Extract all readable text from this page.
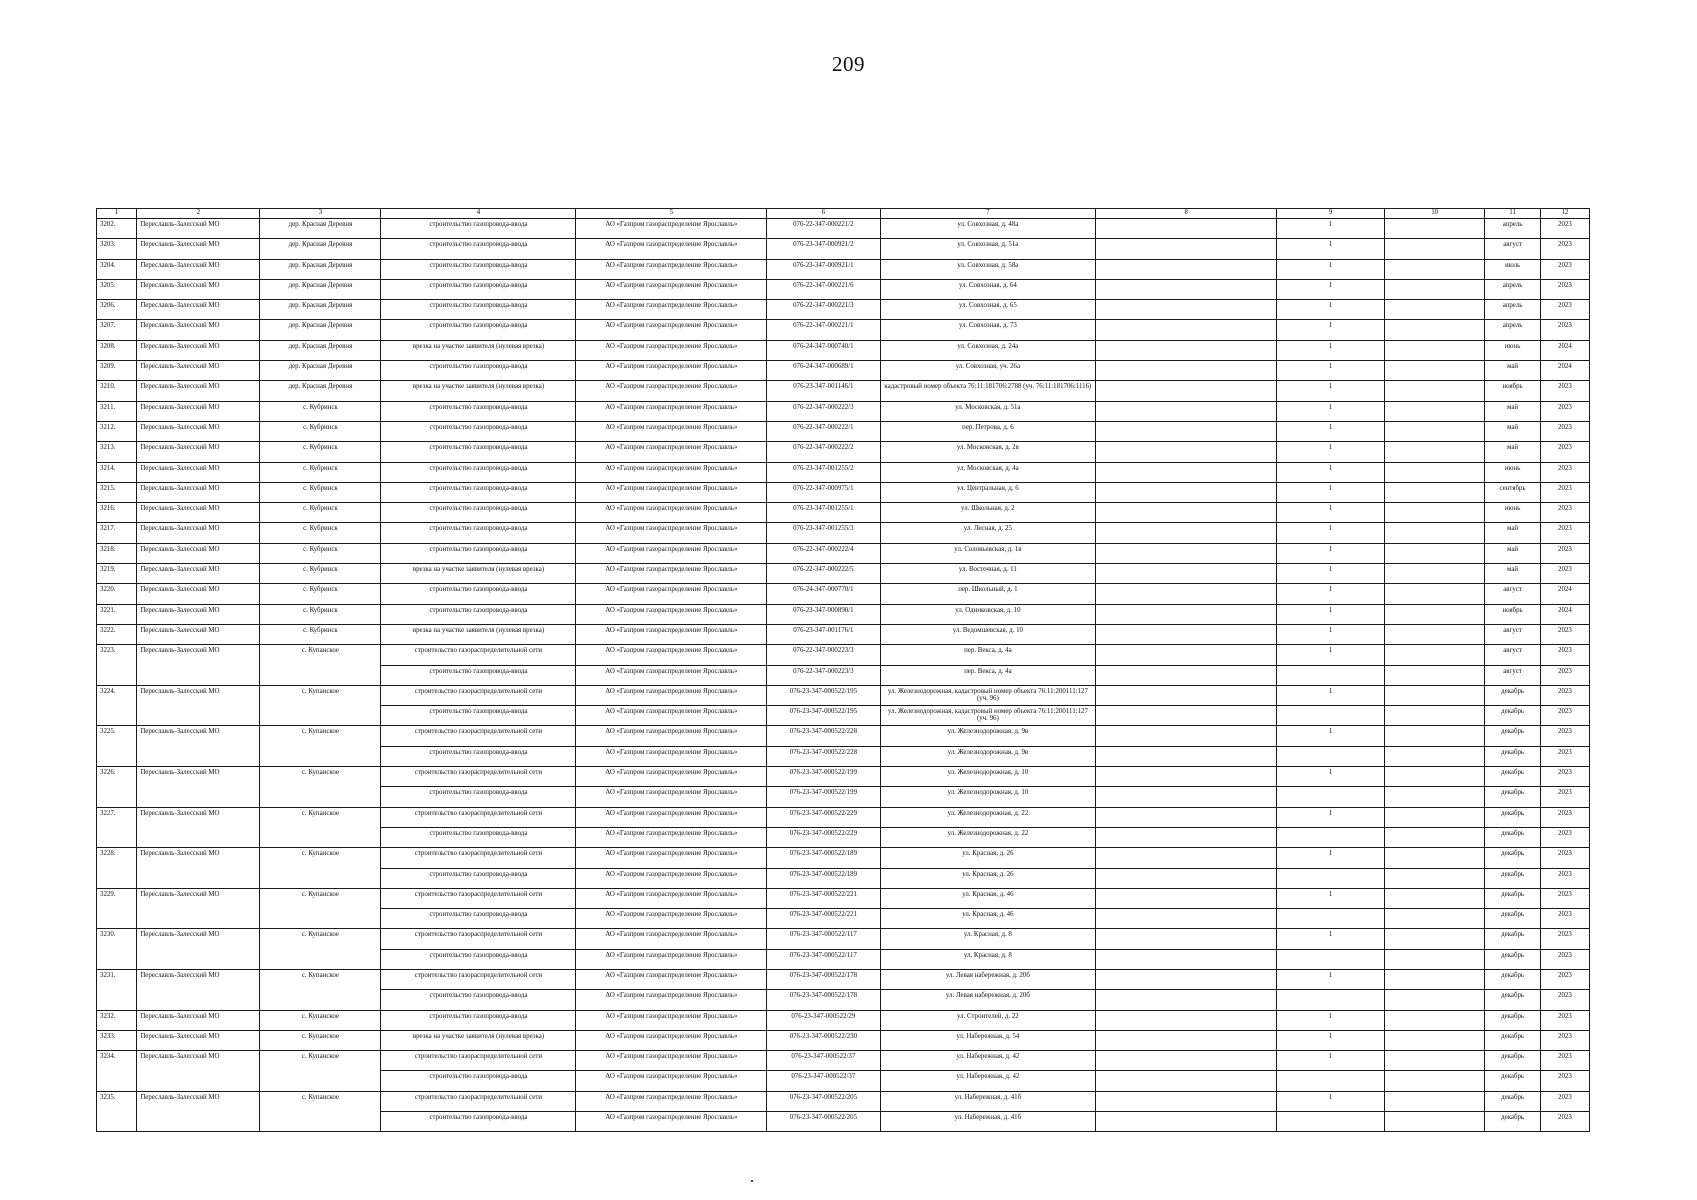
209
1	2	3	4	5	6	7	8	9	10	11	12
3202.	Переславль-Залесский МО	дер. Красная Деревня	строительство газопровода-ввода	АО «Газпром газораспределение Ярославль»	076-22-347-000221/2	ул. Совхозная, д. 48а		1		апрель	2023
3203.	Переславль-Залесский МО	дер. Красная Деревня	строительство газопровода-ввода	АО «Газпром газораспределение Ярославль»	076-23-347-000921/2	ул. Совхозная, д. 51а		1		август	2023
3204.	Переславль-Залесский МО	дер. Красная Деревня	строительство газопровода-ввода	АО «Газпром газораспределение Ярославль»	076-23-347-000921/1	ул. Совхозная, д. 58а		1		июль	2023
3205.	Переславль-Залесский МО	дер. Красная Деревня	строительство газопровода-ввода	АО «Газпром газораспределение Ярославль»	076-22-347-000221/6	ул. Совхозная, д. 64		1		апрель	2023
3206.	Переславль-Залесский МО	дер. Красная Деревня	строительство газопровода-ввода	АО «Газпром газораспределение Ярославль»	076-22-347-000221/3	ул. Совхозная, д. 65		1		апрель	2023
3207.	Переславль-Залесский МО	дер. Красная Деревня	строительство газопровода-ввода	АО «Газпром газораспределение Ярославль»	076-22-347-000221/1	ул. Совхозная, д. 73		1		апрель	2023
3208.	Переславль-Залесский МО	дер. Красная Деревня	врезка на участке заявителя (нулевая врезка)	АО «Газпром газораспределение Ярославль»	076-24-347-000740/1	ул. Совхозная, д. 24а		1		июнь	2024
3209.	Переславль-Залесский МО	дер. Красная Деревня	строительство газопровода-ввода	АО «Газпром газораспределение Ярославль»	076-24-347-000689/1	ул. Совхозная, уч. 26а		1		май	2024
3210.	Переславль-Залесский МО	дер. Красная Деревня	врезка на участке заявителя (нулевая врезка)	АО «Газпром газораспределение Ярославль»	076-23-347-001146/1	кадастровый номер объекта 76:11:181706:2788 (уч. 76:11:181706:1116)		1		ноябрь	2023
3211.	Переславль-Залесский МО	с. Кубринск	строительство газопровода-ввода	АО «Газпром газораспределение Ярославль»	076-22-347-000222/3	ул. Московская, д. 51а		1		май	2023
3212.	Переславль-Залесский МО	с. Кубринск	строительство газопровода-ввода	АО «Газпром газораспределение Ярославль»	076-22-347-000222/1	пер. Петрова, д. 6		1		май	2023
3213.	Переславль-Залесский МО	с. Кубринск	строительство газопровода-ввода	АО «Газпром газораспределение Ярославль»	076-22-347-000222/2	ул. Московская, д. 2в		1		май	2023
3214.	Переславль-Залесский МО	с. Кубринск	строительство газопровода-ввода	АО «Газпром газораспределение Ярославль»	076-23-347-001255/2	ул. Московская, д. 4а		1		июнь	2023
3215.	Переславль-Залесский МО	с. Кубринск	строительство газопровода-ввода	АО «Газпром газораспределение Ярославль»	076-22-347-000975/1	ул. Центральная, д. 6		1		сентябрь	2023
3216.	Переславль-Залесский МО	с. Кубринск	строительство газопровода-ввода	АО «Газпром газораспределение Ярославль»	076-23-347-001255/1	ул. Школьная, д. 2		1		июнь	2023
3217.	Переславль-Залесский МО	с. Кубринск	строительство газопровода-ввода	АО «Газпром газораспределение Ярославль»	076-23-347-001255/3	ул. Лесная, д. 25		1		май	2023
3218.	Переславль-Залесский МО	с. Кубринск	строительство газопровода-ввода	АО «Газпром газораспределение Ярославль»	076-22-347-000222/4	ул. Соловьевская, д. 1в		1		май	2023
3219.	Переславль-Залесский МО	с. Кубринск	врезка на участке заявителя (нулевая врезка)	АО «Газпром газораспределение Ярославль»	076-22-347-000222/5	ул. Восточная, д. 11		1		май	2023
3220.	Переславль-Залесский МО	с. Кубринск	строительство газопровода-ввода	АО «Газпром газораспределение Ярославль»	076-24-347-000770/1	пер. Школьный, д. 1		1		август	2024
3221.	Переславль-Залесский МО	с. Кубринск	строительство газопровода-ввода	АО «Газпром газораспределение Ярославль»	076-23-347-000890/1	ул. Одинковская, д. 10		1		ноябрь	2024
3222.	Переславль-Залесский МО	с. Кубринск	врезка на участке заявителя (нулевая врезка)	АО «Газпром газораспределение Ярославль»	076-23-347-001176/1	ул. Ведомшевская, д. 10		1		август	2023
3223.	Переславль-Залесский МО	с. Купанское	строительство газораспределительной сети	АО «Газпром газораспределение Ярославль»	076-22-347-000223/3	пер. Векса, д. 4а		1		август	2023
			строительство газопровода-ввода	АО «Газпром газораспределение Ярославль»	076-22-347-000223/3	пер. Векса, д. 4а				август	2023
3224.	Переславль-Залесский МО	с. Купанское	строительство газораспределительной сети	АО «Газпром газораспределение Ярославль»	076-23-347-000522/195	ул. Железнодорожная, кадастровый номер объекта 76:11:200111:127 (уч. 96)		1		декабрь	2023
			строительство газопровода-ввода	АО «Газпром газораспределение Ярославль»	076-23-347-000522/195	ул. Железнодорожная, кадастровый номер объекта 76:11:200111:127 (уч. 96)				декабрь	2023
3225.	Переславль-Залесский МО	с. Купанское	строительство газораспределительной сети	АО «Газпром газораспределение Ярославль»	076-23-347-000522/228	ул. Железнодорожная, д. 9в		1		декабрь	2023
			строительство газопровода-ввода	АО «Газпром газораспределение Ярославль»	076-23-347-000522/228	ул. Железнодорожная, д. 9в				декабрь	2023
3226.	Переславль-Залесский МО	с. Купанское	строительство газораспределительной сети	АО «Газпром газораспределение Ярославль»	076-23-347-000522/199	ул. Железнодорожная, д. 10		1		декабрь	2023
			строительство газопровода-ввода	АО «Газпром газораспределение Ярославль»	076-23-347-000522/199	ул. Железнодорожная, д. 10				декабрь	2023
3227.	Переславль-Залесский МО	с. Купанское	строительство газораспределительной сети	АО «Газпром газораспределение Ярославль»	076-23-347-000522/229	ул. Железнодорожная, д. 22		1		декабрь	2023
			строительство газопровода-ввода	АО «Газпром газораспределение Ярославль»	076-23-347-000522/229	ул. Железнодорожная, д. 22				декабрь	2023
3228.	Переславль-Залесский МО	с. Купанское	строительство газораспределительной сети	АО «Газпром газораспределение Ярославль»	076-23-347-000522/189	ул. Красная, д. 26		1		декабрь	2023
			строительство газопровода-ввода	АО «Газпром газораспределение Ярославль»	076-23-347-000522/189	ул. Красная, д. 26				декабрь	2023
3229.	Переславль-Залесский МО	с. Купанское	строительство газораспределительной сети	АО «Газпром газораспределение Ярославль»	076-23-347-000522/221	ул. Красная, д. 46		1		декабрь	2023
			строительство газопровода-ввода	АО «Газпром газораспределение Ярославль»	076-23-347-000522/221	ул. Красная, д. 46				декабрь	2023
3230.	Переславль-Залесский МО	с. Купанское	строительство газораспределительной сети	АО «Газпром газораспределение Ярославль»	076-23-347-000522/117	ул. Красная, д. 8		1		декабрь	2023
			строительство газопровода-ввода	АО «Газпром газораспределение Ярославль»	076-23-347-000522/117	ул. Красная, д. 8				декабрь	2023
3231.	Переславль-Залесский МО	с. Купанское	строительство газораспределительной сети	АО «Газпром газораспределение Ярославль»	076-23-347-000522/178	ул. Левая набережная, д. 20б		1		декабрь	2023
			строительство газопровода-ввода	АО «Газпром газораспределение Ярославль»	076-23-347-000522/178	ул. Левая набережная, д. 20б				декабрь	2023
3232.	Переславль-Залесский МО	с. Купанское	строительство газопровода-ввода	АО «Газпром газораспределение Ярославль»	076-23-347-000522/29	ул. Строителей, д. 22		1		декабрь	2023
3233.	Переславль-Залесский МО	с. Купанское	врезка на участке заявителя (нулевая врезка)	АО «Газпром газораспределение Ярославль»	076-23-347-000522/230	ул. Набережная, д. 54		1		декабрь	2023
3234.	Переславль-Залесский МО	с. Купанское	строительство газораспределительной сети	АО «Газпром газораспределение Ярославль»	076-23-347-000522/37	ул. Набережная, д. 42		1		декабрь	2023
			строительство газопровода-ввода	АО «Газпром газораспределение Ярославль»	076-23-347-000522/37	ул. Набережная, д. 42				декабрь	2023
3235.	Переславль-Залесский МО	с. Купанское	строительство газораспределительной сети	АО «Газпром газораспределение Ярославль»	076-23-347-000522/205	ул. Набережная, д. 41б		1		декабрь	2023
			строительство газопровода-ввода	АО «Газпром газораспределение Ярославль»	076-23-347-000522/205	ул. Набережная, д. 41б				декабрь	2023
